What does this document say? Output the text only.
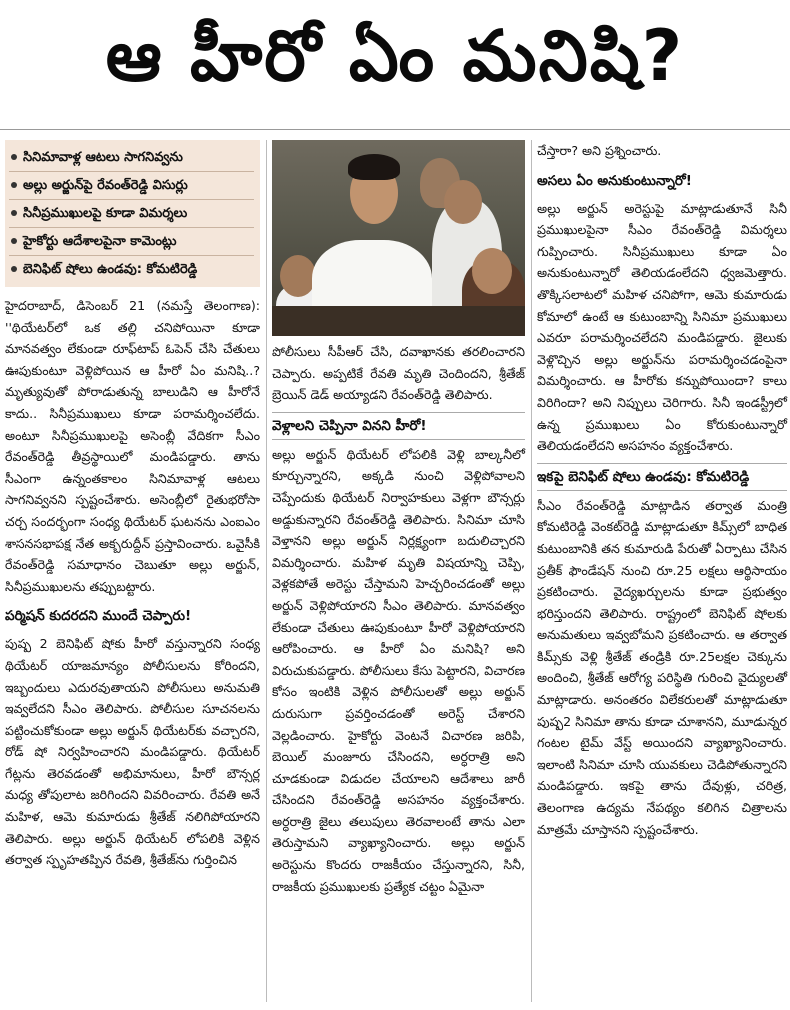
ఆ హీరో ఏం మనిషి?
సినిమావాళ్ల ఆటలు సాగనివ్వను
అల్లు అర్జున్‌పై రేవంత్‌రెడ్డి విసుర్లు
సినీప్రముఖులపై కూడా విమర్శలు
హైకోర్టు ఆదేశాలపైనా కామెంట్లు
బెనిఫిట్ షోలు ఉండవు: కోమటిరెడ్డి

హైదరాబాద్, డిసెంబర్ 21 (నమస్తే తెలంగాణ): ''థియేటర్‌లో ఒక తల్లి చనిపోయినా కూడా మానవత్వం లేకుండా రూఫ్‌టాప్ ఓపెన్ చేసి చేతులు ఊపుకుంటూ వెళ్లిపోయిన ఆ హీరో ఏం మనిషి..? మృత్యువుతో పోరాడుతున్న బాలుడిని ఆ హీరోనే కాదు.. సినీప్రముఖులు కూడా పరామర్శించలేదు. అంటూ సినీప్రముఖులపై అసెంబ్లీ వేదికగా సీఎం రేవంత్‌రెడ్డి తీవ్రస్థాయిలో మండిపడ్డారు. తాను సీఎంగా ఉన్నంతకాలం సినిమావాళ్ల ఆటలు సాగనివ్వనని స్పష్టంచేశారు. అసెంబ్లీలో రైతుభరోసా చర్చ సందర్భంగా సంధ్య థియేటర్ ఘటనను ఎంఐఎం శాసనసభాపక్ష నేత అక్బరుద్దీన్ ప్రస్తావించారు. ఒవైసీకి రేవంత్‌రెడ్డి సమాధానం చెబుతూ అల్లు అర్జున్, సినీప్రముఖులను తప్పుబట్టారు.

పర్మిషన్ కుదరదని ముందే చెప్పారు!

పుష్ప 2 బెనిఫిట్ షోకు హీరో వస్తున్నారని సంధ్య థియేటర్ యాజమాన్యం పోలీసులను కోరిందని, ఇబ్బందులు ఎదురవుతాయని పోలీసులు అనుమతి ఇవ్వలేదని సీఎం తెలిపారు. పోలీసుల సూచనలను పట్టించుకోకుండా అల్లు అర్జున్ థియేటర్‌కు వచ్చారని, రోడ్ షో నిర్వహించారని మండిపడ్డారు. థియేటర్ గేట్లను తెరవడంతో అభిమానులు, హీరో బౌన్సర్ల మధ్య తోపులాట జరిగిందని వివరించారు. రేవతి అనే మహిళ, ఆమె కుమారుడు శ్రీతేజ్ నలిగిపోయారని తెలిపారు. అల్లు అర్జున్ థియేటర్ లోపలికి వెళ్లిన తర్వాత స్పృహతప్పిన రేవతి, శ్రీతేజ్‌ను గుర్తించిన

పోలీసులు సీపీఆర్ చేసి, దవాఖానకు తరలించారని చెప్పారు. అప్పటికే రేవతి మృతి చెందిందని, శ్రీతేజ్ బ్రెయిన్ డెడ్ అయ్యాడని రేవంత్‌రెడ్డి తెలిపారు.

వెళ్లాలని చెప్పినా వినని హీరో!

అల్లు అర్జున్ థియేటర్ లోపలికి వెళ్లి బాల్కనీలో కూర్చున్నారని, అక్కడి నుంచి వెళ్లిపోవాలని చెప్పేందుకు థియేటర్ నిర్వాహకులు వెళ్లగా బౌన్సర్లు అడ్డుకున్నారని రేవంత్‌రెడ్డి తెలిపారు. సినిమా చూసి వెళ్తానని అల్లు అర్జున్ నిర్లక్ష్యంగా బదులిచ్చారని విమర్శించారు. మహిళ మృతి విషయాన్ని చెప్పి, వెళ్లకపోతే అరెస్టు చేస్తామని హెచ్చరించడంతో అల్లు అర్జున్ వెళ్లిపోయారని సీఎం తెలిపారు. మానవత్వం లేకుండా చేతులు ఊపుకుంటూ హీరో వెళ్లిపోయారని ఆరోపించారు. ఆ హీరో ఏం మనిషి? అని విరుచుకుపడ్డారు. పోలీసులు కేసు పెట్టారని, విచారణ కోసం ఇంటికి వెళ్లిన పోలీసులతో అల్లు అర్జున్ దురుసుగా ప్రవర్తించడంతో అరెస్ట్ చేశారని వెల్లడించారు. హైకోర్టు వెంటనే విచారణ జరిపి, బెయిల్ మంజూరు చేసిందని, అర్ధరాత్రి అని చూడకుండా విడుదల చేయాలని ఆదేశాలు జారీ చేసిందని రేవంత్‌రెడ్డి అసహనం వ్యక్తంచేశారు. అర్ధరాత్రి జైలు తలుపులు తెరవాలంటే తాను ఎలా తెరుస్తామని వ్యాఖ్యానించారు. అల్లు అర్జున్ అరెస్టును కొందరు రాజకీయం చేస్తున్నారని, సినీ, రాజకీయ ప్రముఖులకు ప్రత్యేక చట్టం ఏమైనా

చేస్తారా? అని ప్రశ్నించారు.

అసలు ఏం అనుకుంటున్నారో!

అల్లు అర్జున్ అరెస్టుపై మాట్లాడుతూనే సినీ ప్రముఖులపైనా సీఎం రేవంత్‌రెడ్డి విమర్శలు గుప్పించారు. సినీప్రముఖులు కూడా ఏం అనుకుంటున్నారో తెలియడంలేదని ధ్వజమెత్తారు. తొక్కిసలాటలో మహిళ చనిపోగా, ఆమె కుమారుడు కోమాలో ఉంటే ఆ కుటుంబాన్ని సినిమా ప్రముఖులు ఎవరూ పరామర్శించలేదని మండిపడ్డారు. జైలుకు వెళ్లొచ్చిన అల్లు అర్జున్‌ను పరామర్శించడంపైనా విమర్శించారు. ఆ హీరోకు కన్నుపోయిందా? కాలు విరిగిందా? అని నిప్పులు చెరిగారు. సినీ ఇండస్ట్రీలో ఉన్న ప్రముఖులు ఏం కోరుకుంటున్నారో తెలియడంలేదని అసహనం వ్యక్తంచేశారు.

ఇకపై బెనిఫిట్ షోలు ఉండవు: కోమటిరెడ్డి

సీఎం రేవంత్‌రెడ్డి మాట్లాడిన తర్వాత మంత్రి కోమటిరెడ్డి వెంకట్‌రెడ్డి మాట్లాడుతూ కిమ్స్‌లో బాధిత కుటుంబానికి తన కుమారుడి పేరుతో ఏర్పాటు చేసిన ప్రతీక్ ఫౌండేషన్ నుంచి రూ.25 లక్షలు ఆర్థిసాయం ప్రకటించారు. వైద్యఖర్చులను కూడా ప్రభుత్వం భరిస్తుందని తెలిపారు. రాష్ట్రంలో బెనిఫిట్ షోలకు అనుమతులు ఇవ్వబోమని ప్రకటించారు. ఆ తర్వాత కిమ్స్‌కు వెళ్లి శ్రీతేజ్ తండ్రికి రూ.25లక్షల చెక్కును అందించి, శ్రీతేజ్ ఆరోగ్య పరిస్థితి గురించి వైద్యులతో మాట్లాడారు. అనంతరం విలేకరులతో మాట్లాడుతూ పుష్ప2 సినిమా తాను కూడా చూశానని, మూడున్నర గంటల టైమ్ వేస్ట్ అయిందని వ్యాఖ్యానించారు. ఇలాంటి సినిమా చూసి యువకులు చెడిపోతున్నారని మండిపడ్డారు. ఇకపై తాను దేవుళ్లు, చరిత్ర, తెలంగాణ ఉద్యమ నేపథ్యం కలిగిన చిత్రాలను మాత్రమే చూస్తానని స్పష్టంచేశారు.
